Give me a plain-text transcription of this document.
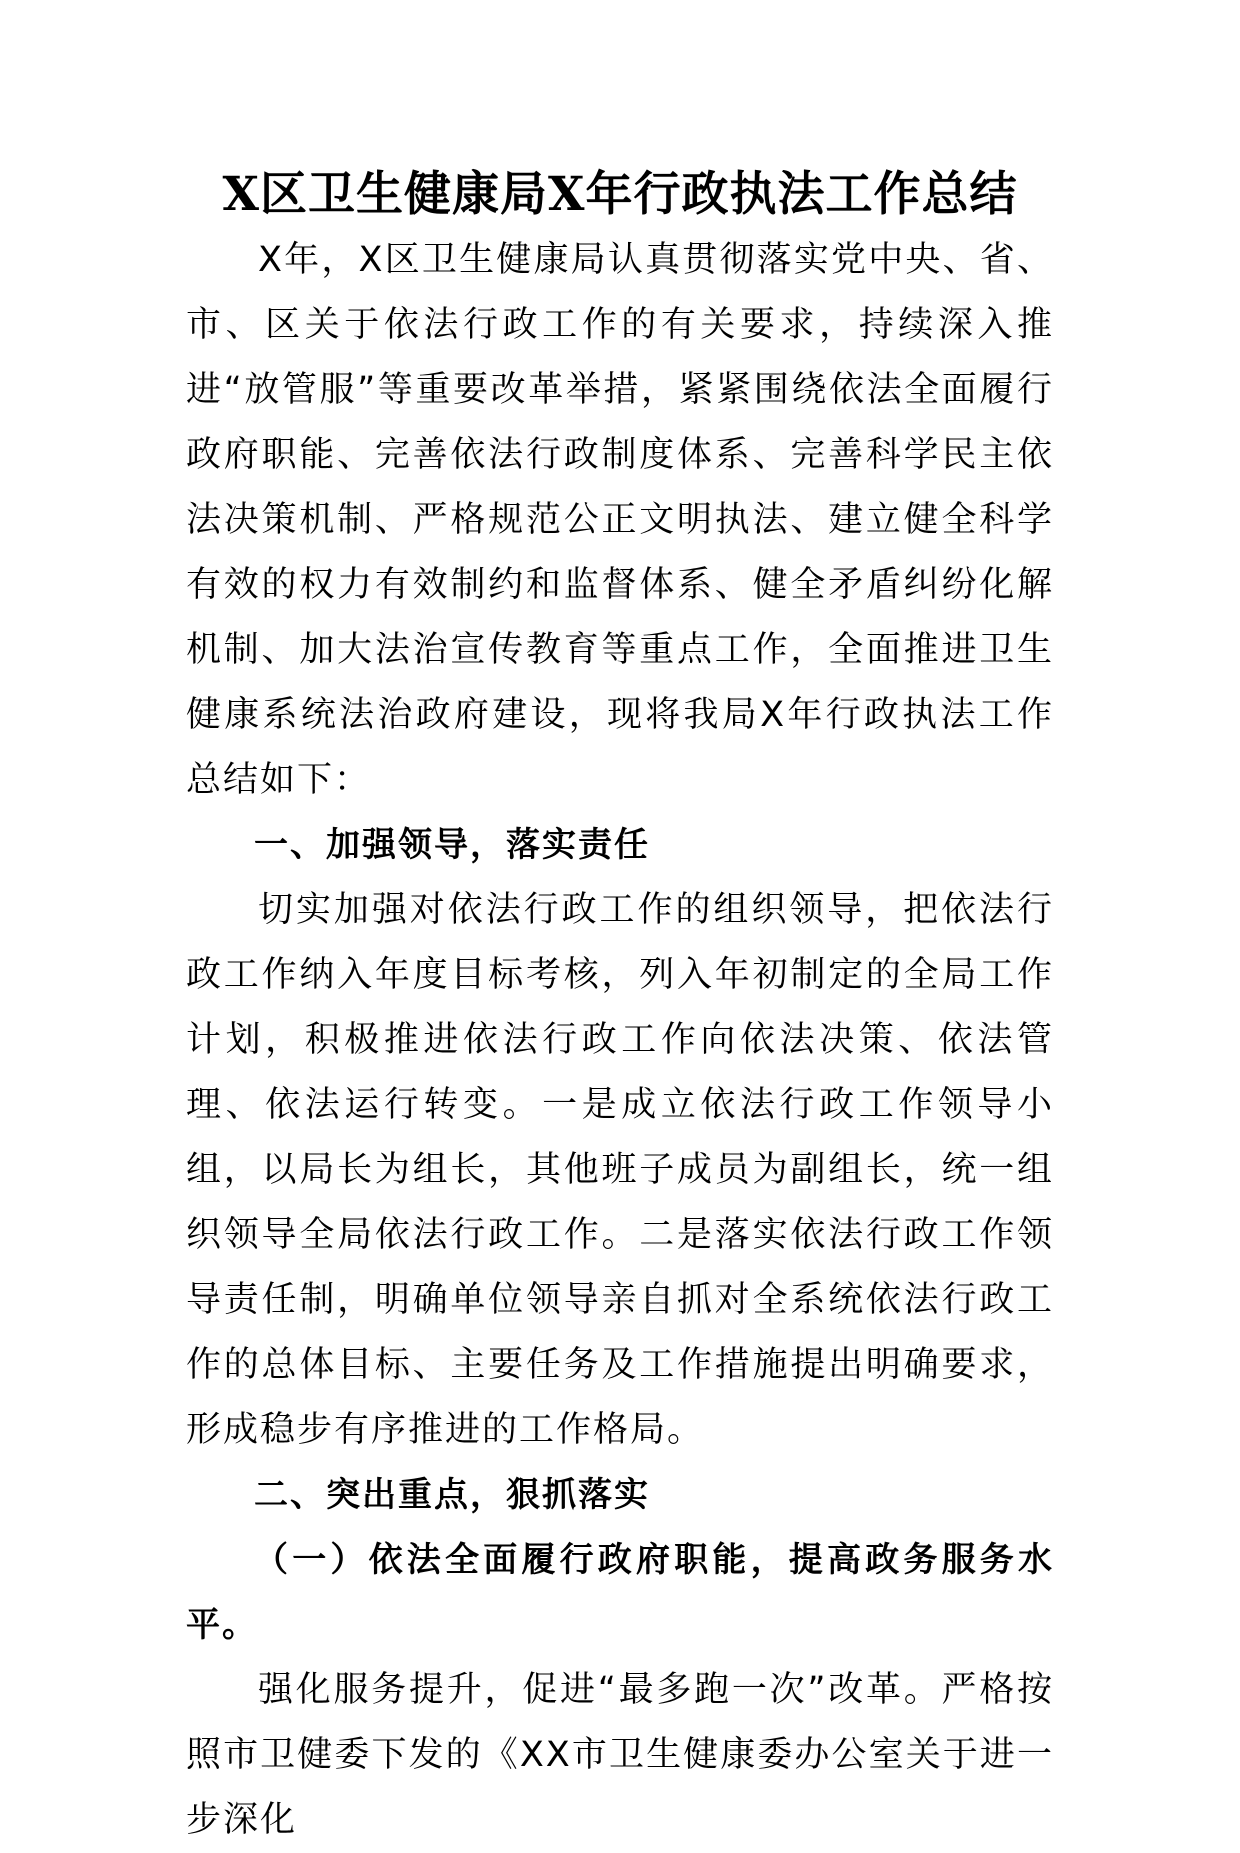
X区卫生健康局X年行政执法工作总结

X年，X区卫生健康局认真贯彻落实党中央、省、市、区关于依法行政工作的有关要求，持续深入推进“放管服”等重要改革举措，紧紧围绕依法全面履行政府职能、完善依法行政制度体系、完善科学民主依法决策机制、严格规范公正文明执法、建立健全科学有效的权力有效制约和监督体系、健全矛盾纠纷化解机制、加大法治宣传教育等重点工作，全面推进卫生健康系统法治政府建设，现将我局X年行政执法工作总结如下：

一、加强领导，落实责任

切实加强对依法行政工作的组织领导，把依法行政工作纳入年度目标考核，列入年初制定的全局工作计划，积极推进依法行政工作向依法决策、依法管理、依法运行转变。一是成立依法行政工作领导小组，以局长为组长，其他班子成员为副组长，统一组织领导全局依法行政工作。二是落实依法行政工作领导责任制，明确单位领导亲自抓对全系统依法行政工作的总体目标、主要任务及工作措施提出明确要求，形成稳步有序推进的工作格局。

二、突出重点，狠抓落实

（一）依法全面履行政府职能，提高政务服务水平。

强化服务提升，促进“最多跑一次”改革。严格按照市卫健委下发的《XX市卫生健康委办公室关于进一步深化
